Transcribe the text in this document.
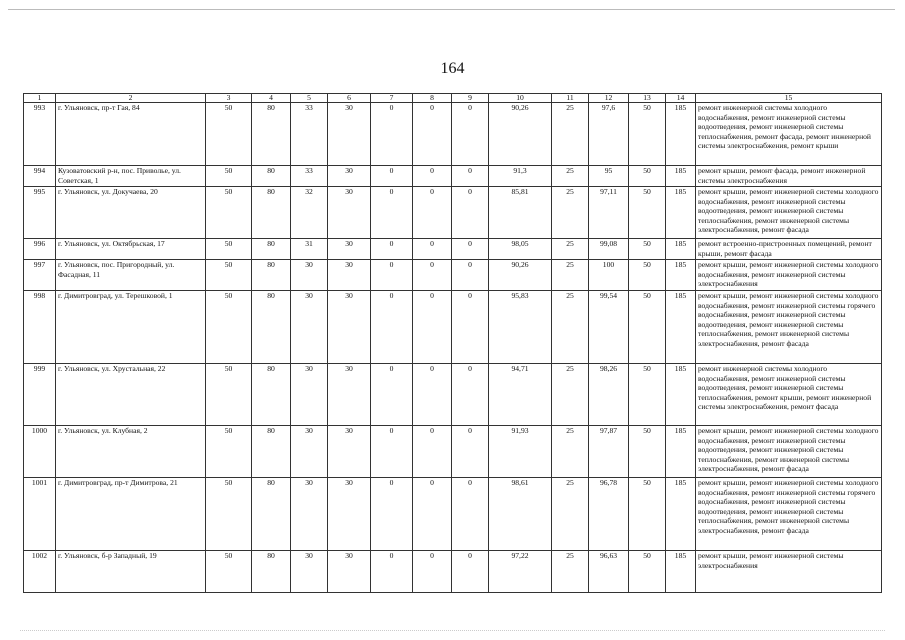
164
1	2	3	4	5	6	7	8	9	10	11	12	13	14	15
993	г. Ульяновск, пр-т Гая, 84	50	80	33	30	0	0	0	90,26	25	97,6	50	185	ремонт инженерной системы холодного водоснабжения, ремонт инженерной системы водоотведения, ремонт инженерной системы теплоснабжения, ремонт фасада, ремонт инженерной системы электроснабжения, ремонт крыши
994	Кузоватовский р-н, пос. Приволье, ул. Советская, 1	50	80	33	30	0	0	0	91,3	25	95	50	185	ремонт крыши, ремонт фасада, ремонт инженерной системы электроснабжения
995	г. Ульяновск, ул. Докучаева, 20	50	80	32	30	0	0	0	85,81	25	97,11	50	185	ремонт крыши, ремонт инженерной системы холодного водоснабжения, ремонт инженерной системы водоотведения, ремонт инженерной системы теплоснабжения, ремонт инженерной системы электроснабжения, ремонт фасада
996	г. Ульяновск, ул. Октябрьская, 17	50	80	31	30	0	0	0	98,05	25	99,08	50	185	ремонт встроенно-пристроенных помещений, ремонт крыши, ремонт фасада
997	г. Ульяновск, пос. Пригородный, ул. Фасадная, 11	50	80	30	30	0	0	0	90,26	25	100	50	185	ремонт крыши, ремонт инженерной системы холодного водоснабжения, ремонт инженерной системы электроснабжения
998	г. Димитровград, ул. Терешковой, 1	50	80	30	30	0	0	0	95,83	25	99,54	50	185	ремонт крыши, ремонт инженерной системы холодного водоснабжения, ремонт инженерной системы горячего водоснабжения, ремонт инженерной системы водоотведения, ремонт инженерной системы теплоснабжения, ремонт инженерной системы электроснабжения, ремонт фасада
999	г. Ульяновск, ул. Хрустальная, 22	50	80	30	30	0	0	0	94,71	25	98,26	50	185	ремонт инженерной системы холодного водоснабжения, ремонт инженерной системы водоотведения, ремонт инженерной системы теплоснабжения, ремонт крыши, ремонт инженерной системы электроснабжения, ремонт фасада
1000	г. Ульяновск, ул. Клубная, 2	50	80	30	30	0	0	0	91,93	25	97,87	50	185	ремонт крыши, ремонт инженерной системы холодного водоснабжения, ремонт инженерной системы водоотведения, ремонт инженерной системы теплоснабжения, ремонт инженерной системы электроснабжения, ремонт фасада
1001	г. Димитровград, пр-т Димитрова, 21	50	80	30	30	0	0	0	98,61	25	96,78	50	185	ремонт крыши, ремонт инженерной системы холодного водоснабжения, ремонт инженерной системы горячего водоснабжения, ремонт инженерной системы водоотведения, ремонт инженерной системы теплоснабжения, ремонт инженерной системы электроснабжения, ремонт фасада
1002	г. Ульяновск, б-р Западный, 19	50	80	30	30	0	0	0	97,22	25	96,63	50	185	ремонт крыши, ремонт инженерной системы электроснабжения
